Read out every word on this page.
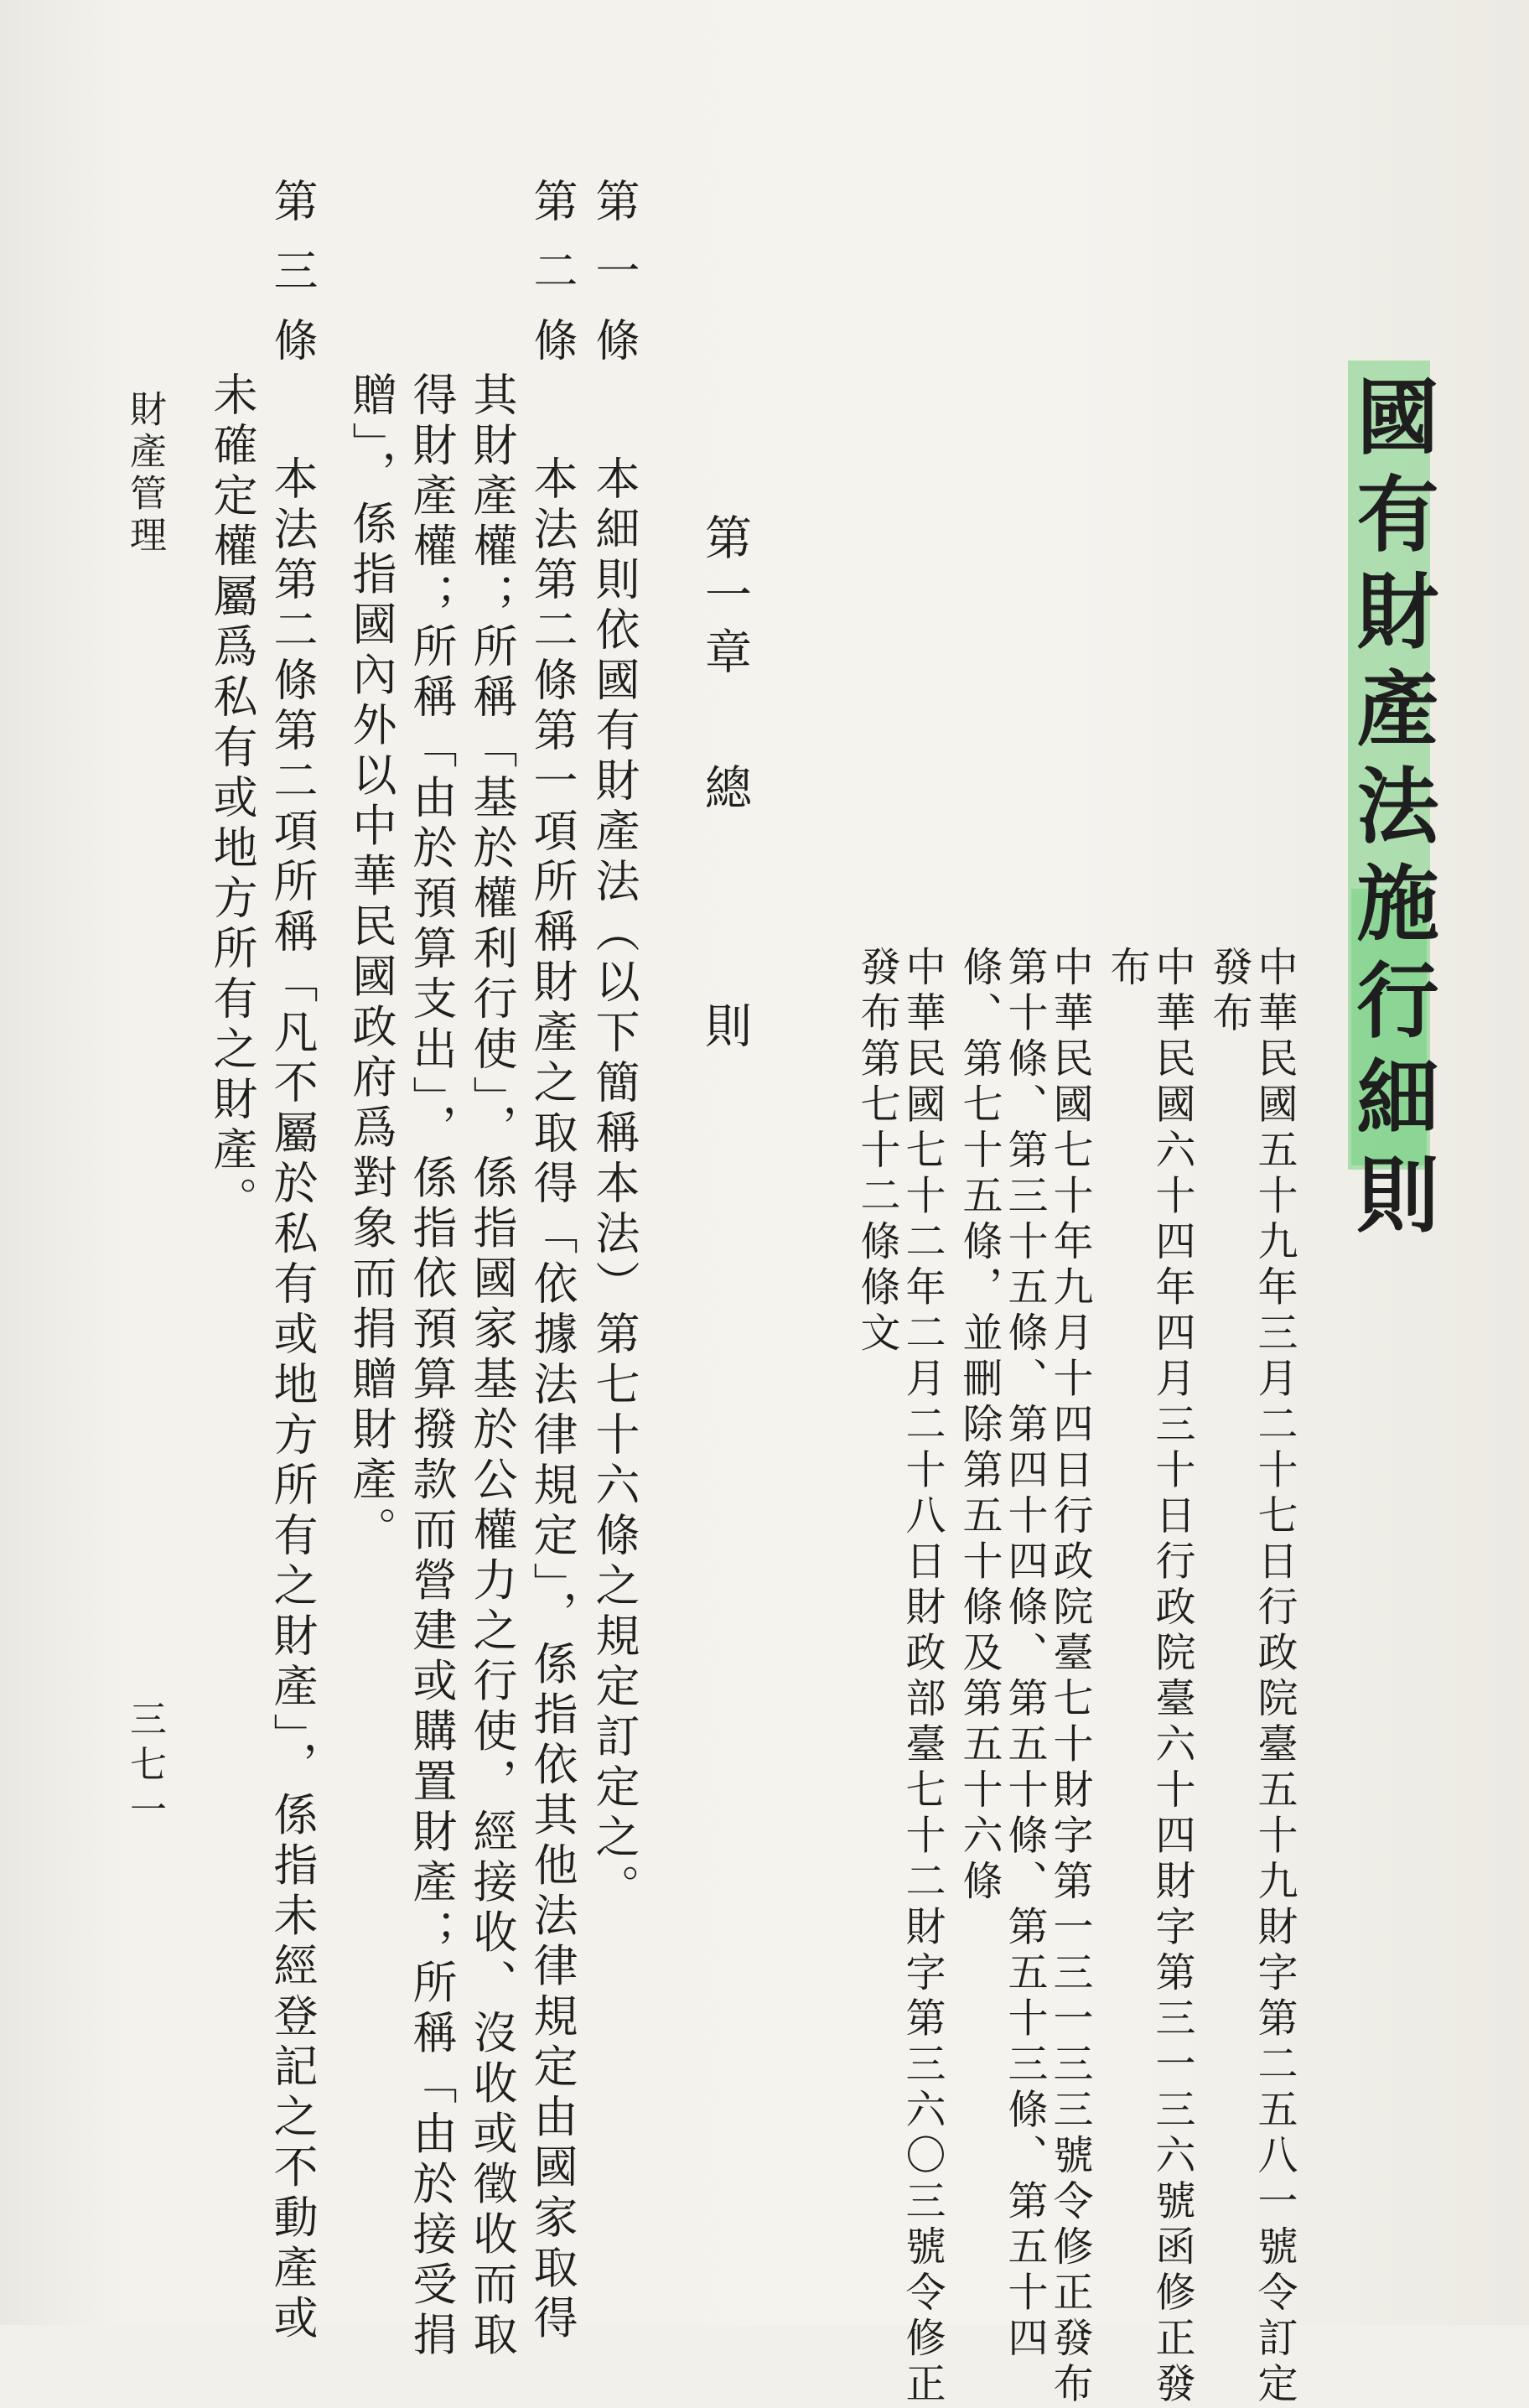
國有財產法施行細則
中華民國五十九年三月二十七日行政院臺五十九財字第二五八一號令訂定
發布
中華民國六十四年四月三十日行政院臺六十四財字第三一三六號函修正發
布
中華民國七十年九月十四日行政院臺七十財字第一三一三三號令修正發布
第十條、第三十五條、第四十四條、第五十條、第五十三條、第五十四
條、第七十五條，並刪除第五十條及第五十六條
中華民國七十二年二月二十八日財政部臺七十二財字第三六〇三號令修正
發布第七十二條條文
第一章
總
則
第一條
本細則依國有財產法（以下簡稱本法）第七十六條之規定訂定之。
第二條
本法第二條第一項所稱財產之取得「依據法律規定」，係指依其他法律規定由國家取得
其財產權；所稱「基於權利行使」，係指國家基於公權力之行使，經接收、沒收或徵收而取
得財產權；所稱「由於預算支出」，係指依預算撥款而營建或購置財產；所稱「由於接受捐
贈」，係指國內外以中華民國政府爲對象而捐贈財產。
第三條
本法第二條第二項所稱「凡不屬於私有或地方所有之財產」，係指未經登記之不動產或
未確定權屬爲私有或地方所有之財產。
財產管理
三七一
